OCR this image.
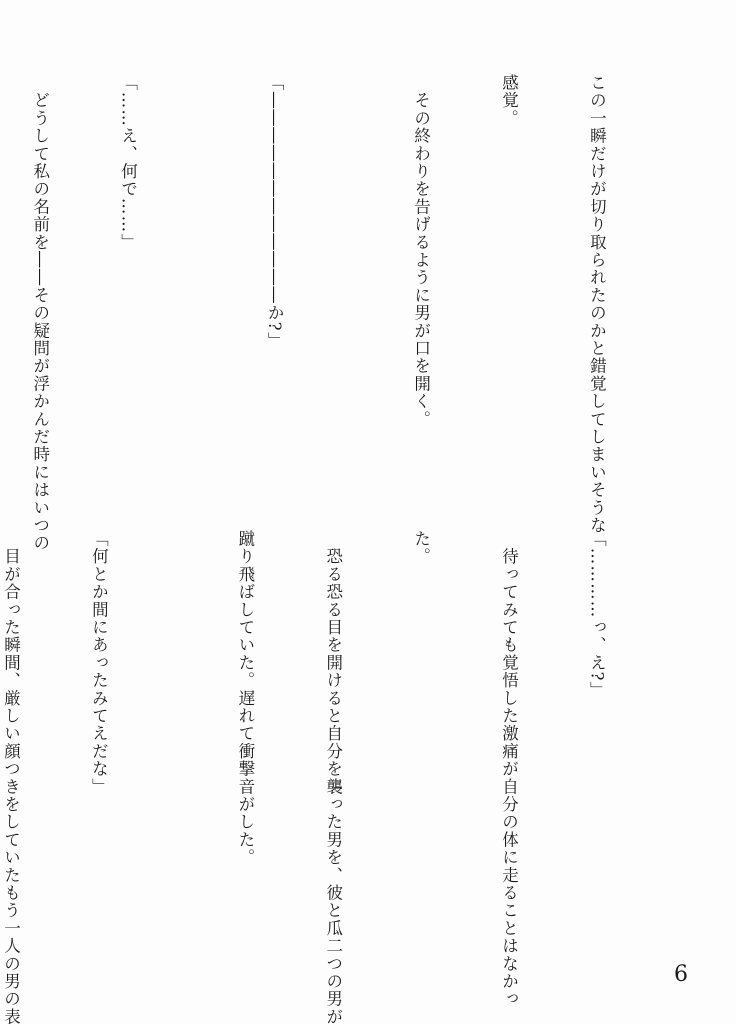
この一瞬だけが切り取られたのかと錯覚してしまいそうな

感覚。

　その終わりを告げるように男が口を開く。

「――――――――――――か?」

「……え、何で……」

　どうして私の名前を――その疑問が浮かんだ時にはいつの

「…………っ、え?」

　待ってみても覚悟した激痛が自分の体に走ることはなかっ

た。

　恐る恐る目を開けると自分を襲った男を、彼と瓜二つの男が

蹴り飛ばしていた。遅れて衝撃音がした。

「何とか間にあったみてえだな」

　目が合った瞬間、厳しい顔つきをしていたもう一人の男の表

	6
